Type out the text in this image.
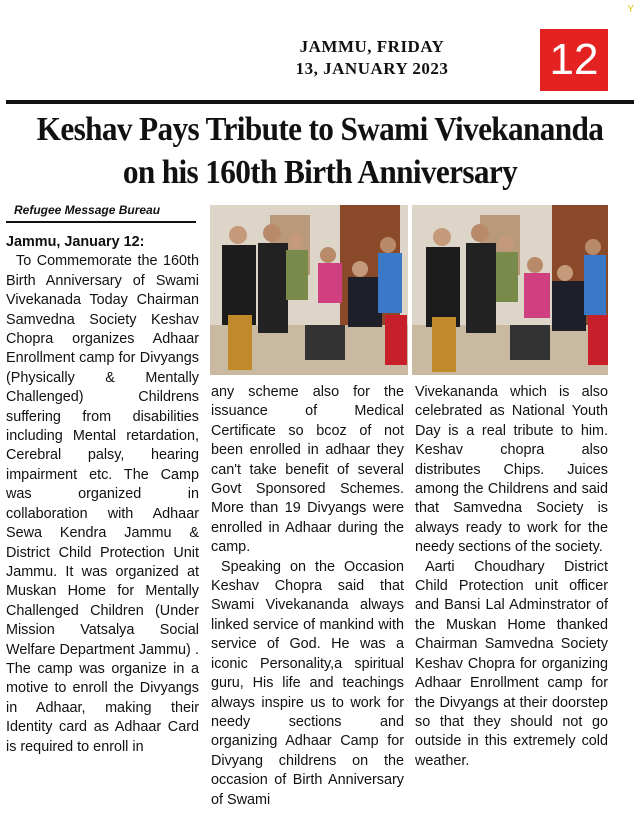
Y
JAMMU, FRIDAY
13, JANUARY 2023	12
Keshav Pays Tribute to Swami Vivekananda
on his 160th Birth Anniversary
Refugee Message Bureau

Jammu, January 12:

To Commemorate the 160th Birth Anniversary of Swami Vivekanada Today Chairman Samvedna Society Keshav Chopra organizes Adhaar Enrollment camp for Divyangs (Physically & Mentally Challenged) Childrens suffering from disabilities including Mental retardation, Cerebral palsy, hearing impairment etc. The Camp was organized in collaboration with Adhaar Sewa Kendra Jammu & District Child Protection Unit Jammu. It was organized at Muskan Home for Mentally Challenged Children (Under Mission Vatsalya Social Welfare Department Jammu) . The camp was organize in a motive to enroll the Divyangs in Adhaar, making their Identity card as Adhaar Card is required to enroll in

any scheme also for the issuance of Medical Certificate so bcoz of not been enrolled in adhaar they can't take benefit of several Govt Sponsored Schemes. More than 19 Divyangs were enrolled in Adhaar during the camp.

Speaking on the Occasion Keshav Chopra said that Swami Vivekananda always linked service of mankind with service of God. He was a iconic Personality,a spiritual guru, His life and teachings always inspire us to work for needy sections and organizing Adhaar Camp for Divyang childrens on the occasion of Birth Anniversary of Swami

Vivekananda which is also celebrated as National Youth Day is a real tribute to him. Keshav chopra also distributes Chips. Juices among the Childrens and said that Samvedna Society is always ready to work for the needy sections of the society.

Aarti Choudhary District Child Protection unit officer and Bansi Lal Adminstrator of the Muskan Home thanked Chairman Samvedna Society Keshav Chopra for organizing Adhaar Enrollment camp for the Divyangs at their doorstep so that they should not go outside in this extremely cold weather.
